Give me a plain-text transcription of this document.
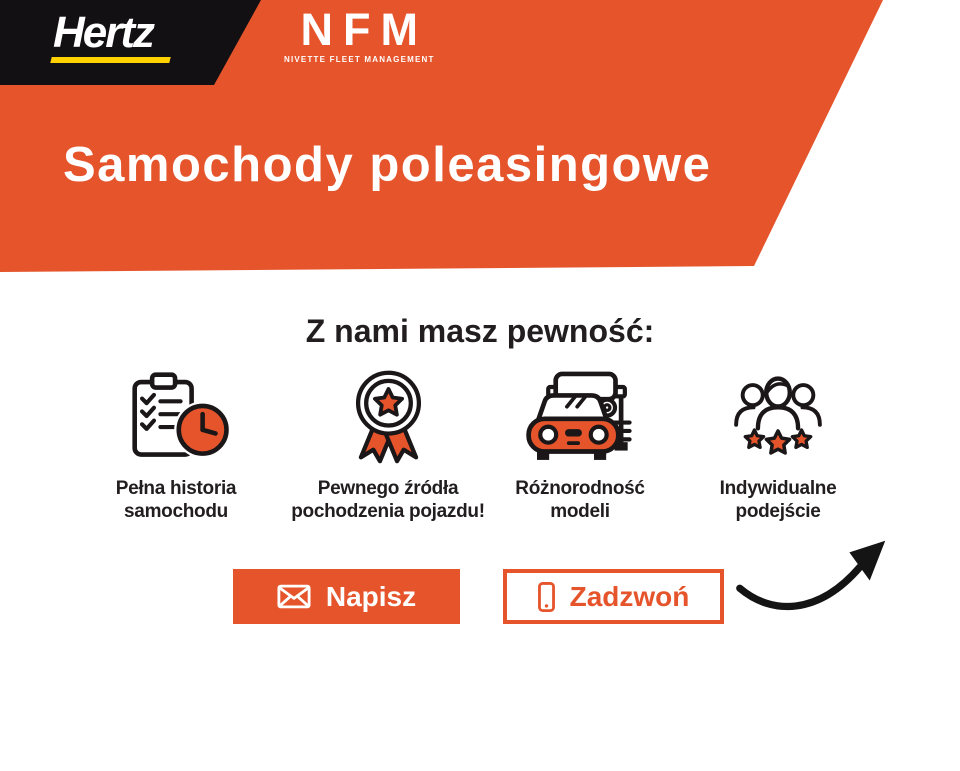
Hertz	NFM
NIVETTE FLEET MANAGEMENT
Samochody poleasingowe
Z nami masz pewność:
Pełna historia
samochodu
Pewnego źródła
pochodzenia pojazdu!
Różnorodność
modeli
Indywidualne
podejście
Napisz	Zadzwoń
